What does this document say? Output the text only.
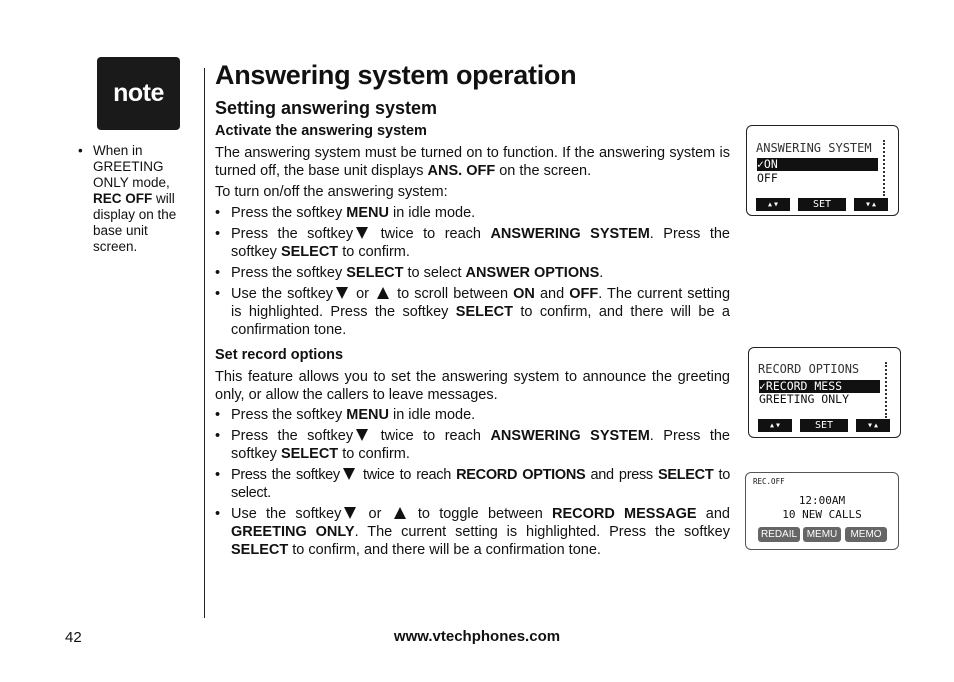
note
• When in GREETING ONLY mode, REC OFF will display on the base unit screen.
Answering system operation
Setting answering system
Activate the answering system
The answering system must be turned on to function. If the answering system is turned off, the base unit displays ANS. OFF on the screen.
To turn on/off the answering system:
• Press the softkey MENU in idle mode.
• Press the softkey twice to reach ANSWERING SYSTEM. Press the softkey SELECT to confirm.
• Press the softkey SELECT to select ANSWER OPTIONS.
• Use the softkey or  to scroll between ON and OFF. The current setting is highlighted. Press the softkey SELECT to confirm, and there will be a confirmation tone.
Set record options
This feature allows you to set the answering system to announce the greeting only, or allow the callers to leave messages.
• Press the softkey MENU in idle mode.
• Press the softkey twice to reach ANSWERING SYSTEM. Press the softkey SELECT to confirm.
• Press the softkey twice to reach RECORD OPTIONS and press SELECT to select.
• Use the softkey or  to toggle between RECORD MESSAGE and GREETING ONLY. The current setting is highlighted. Press the softkey SELECT to confirm, and there will be a confirmation tone.
ANSWERING SYSTEM
✓ON
OFF
▴▾	SET	▾▴
RECORD OPTIONS
✓RECORD MESS
GREETING ONLY
▴▾	SET	▾▴
REC.OFF
12:00AM
10 NEW CALLS
REDAIL MEMU	MEMO
42	www.vtechphones.com
